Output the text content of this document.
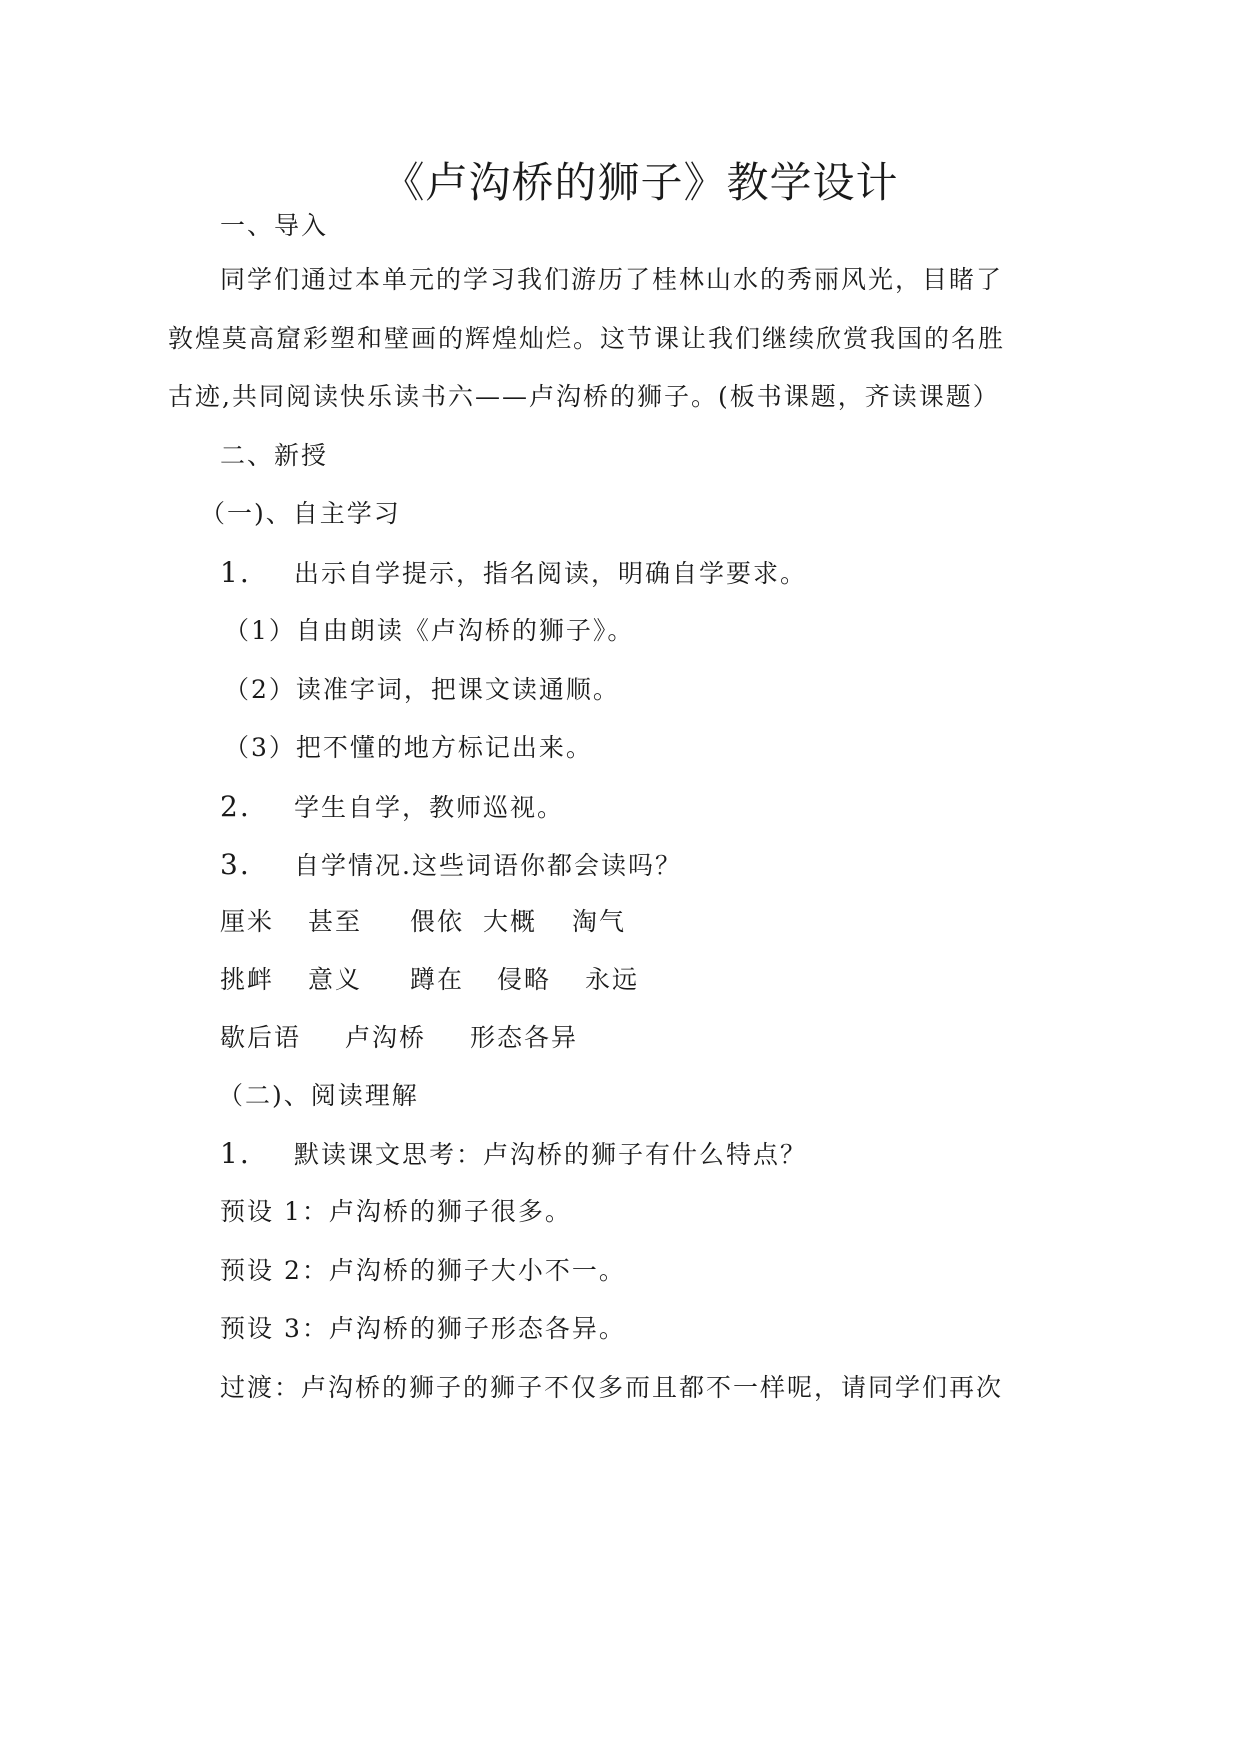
《卢沟桥的狮子》教学设计
一、导入
同学们通过本单元的学习我们游历了桂林山水的秀丽风光，目睹了
敦煌莫高窟彩塑和壁画的辉煌灿烂。这节课让我们继续欣赏我国的名胜
古迹,共同阅读快乐读书六——卢沟桥的狮子。(板书课题，齐读课题）
二、新授
（一)、自主学习
1. 出示自学提示，指名阅读，明确自学要求。
（1）自由朗读《卢沟桥的狮子》。
（2）读准字词，把课文读通顺。
（3）把不懂的地方标记出来。
2. 学生自学，教师巡视。
3. 自学情况.这些词语你都会读吗？
厘米 甚至 偎依 大概 淘气
挑衅 意义 蹲在 侵略 永远
歇后语 卢沟桥 形态各异
（二)、阅读理解
1. 默读课文思考：卢沟桥的狮子有什么特点？
预设 1：卢沟桥的狮子很多。
预设 2：卢沟桥的狮子大小不一。
预设 3：卢沟桥的狮子形态各异。
过渡：卢沟桥的狮子的狮子不仅多而且都不一样呢，请同学们再次
